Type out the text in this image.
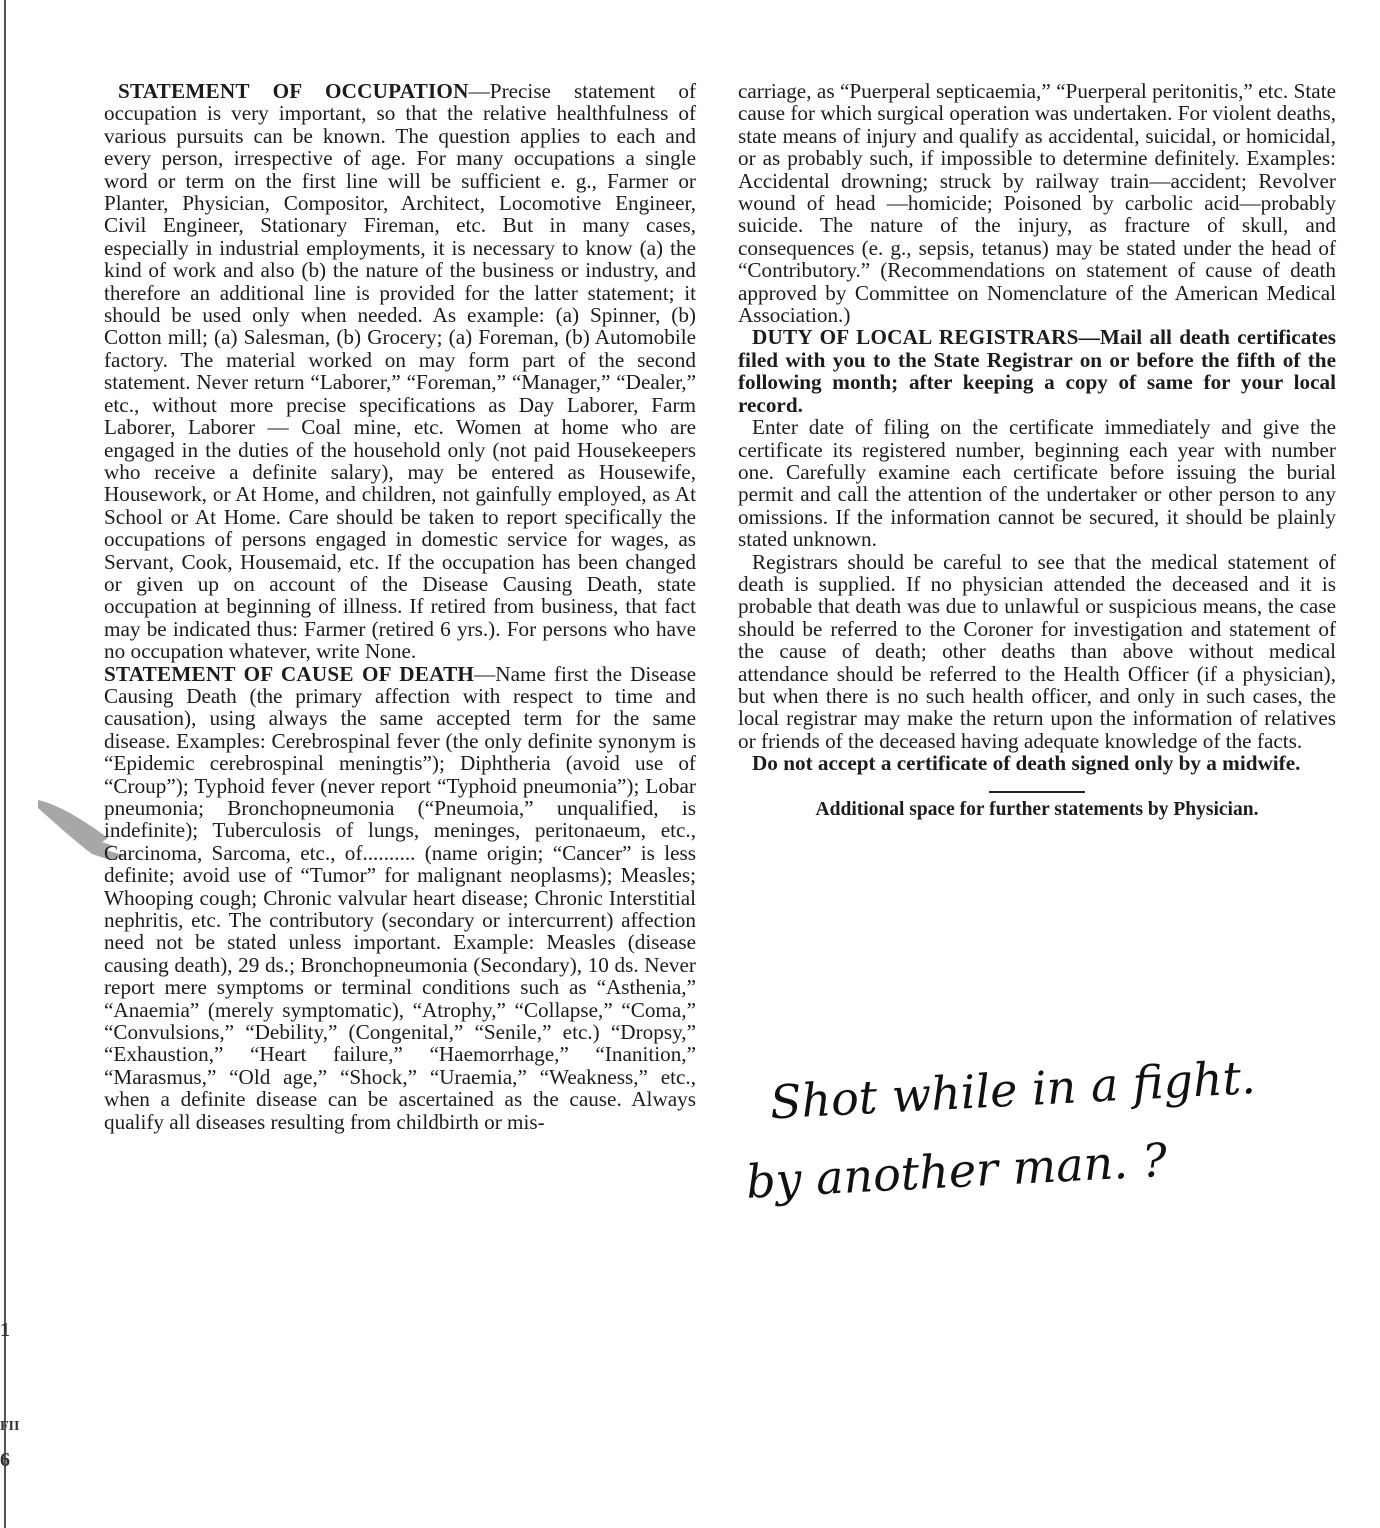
1
FII
6

STATEMENT OF OCCUPATION—Precise statement of occupation is very important, so that the relative healthfulness of various pursuits can be known. The question applies to each and every person, irrespective of age. For many occupations a single word or term on the first line will be sufficient e. g., Farmer or Planter, Physician, Compositor, Architect, Locomotive Engineer, Civil Engineer, Stationary Fireman, etc. But in many cases, especially in industrial employments, it is necessary to know (a) the kind of work and also (b) the nature of the business or industry, and therefore an additional line is provided for the latter statement; it should be used only when needed. As example: (a) Spinner, (b) Cotton mill; (a) Salesman, (b) Grocery; (a) Foreman, (b) Automobile factory. The material worked on may form part of the second statement. Never return “Laborer,” “Foreman,” “Manager,” “Dealer,” etc., without more precise specifications as Day Laborer, Farm Laborer, Laborer — Coal mine, etc. Women at home who are engaged in the duties of the household only (not paid Housekeepers who receive a definite salary), may be entered as Housewife, Housework, or At Home, and children, not gainfully employed, as At School or At Home. Care should be taken to report specifically the occupations of persons engaged in domestic service for wages, as Servant, Cook, Housemaid, etc. If the occupation has been changed or given up on account of the Disease Causing Death, state occupation at beginning of illness. If retired from business, that fact may be indicated thus: Farmer (retired 6 yrs.). For persons who have no occupation whatever, write None.

STATEMENT OF CAUSE OF DEATH—Name first the Disease Causing Death (the primary affection with respect to time and causation), using always the same accepted term for the same disease. Examples: Cerebrospinal fever (the only definite synonym is “Epidemic cerebrospinal meningtis”); Diphtheria (avoid use of “Croup”); Typhoid fever (never report “Typhoid pneumonia”); Lobar pneumonia; Bronchopneumonia (“Pneumoia,” unqualified, is indefinite); Tuberculosis of lungs, meninges, peritonaeum, etc., Carcinoma, Sarcoma, etc., of.......... (name origin; “Cancer” is less definite; avoid use of “Tumor” for malignant neoplasms); Measles; Whooping cough; Chronic valvular heart disease; Chronic Interstitial nephritis, etc. The contributory (secondary or intercurrent) affection need not be stated unless important. Example: Measles (disease causing death), 29 ds.; Bronchopneumonia (Secondary), 10 ds. Never report mere symptoms or terminal conditions such as “Asthenia,” “Anaemia” (merely symptomatic), “Atrophy,” “Collapse,” “Coma,” “Convulsions,” “Debility,” (Congenital,” “Senile,” etc.) “Dropsy,” “Exhaustion,” “Heart failure,” “Haemorrhage,” “Inanition,” “Marasmus,” “Old age,” “Shock,” “Uraemia,” “Weakness,” etc., when a definite disease can be ascertained as the cause. Always qualify all diseases resulting from childbirth or mis-

carriage, as “Puerperal septicaemia,” “Puerperal peritonitis,” etc. State cause for which surgical operation was undertaken. For violent deaths, state means of injury and qualify as accidental, suicidal, or homicidal, or as probably such, if impossible to determine definitely. Examples: Accidental drowning; struck by railway train—accident; Revolver wound of head —homicide; Poisoned by carbolic acid—probably suicide. The nature of the injury, as fracture of skull, and consequences (e. g., sepsis, tetanus) may be stated under the head of “Contributory.” (Recommendations on statement of cause of death approved by Committee on Nomenclature of the American Medical Association.)

DUTY OF LOCAL REGISTRARS—Mail all death certificates filed with you to the State Registrar on or before the fifth of the following month; after keeping a copy of same for your local record.

Enter date of filing on the certificate immediately and give the certificate its registered number, beginning each year with number one. Carefully examine each certificate before issuing the burial permit and call the attention of the undertaker or other person to any omissions. If the information cannot be secured, it should be plainly stated unknown.

Registrars should be careful to see that the medical statement of death is supplied. If no physician attended the deceased and it is probable that death was due to unlawful or suspicious means, the case should be referred to the Coroner for investigation and statement of the cause of death; other deaths than above without medical attendance should be referred to the Health Officer (if a physician), but when there is no such health officer, and only in such cases, the local registrar may make the return upon the information of relatives or friends of the deceased having adequate knowledge of the facts.

Do not accept a certificate of death signed only by a midwife.

Additional space for further statements by Physician.

Shot while in a fight.
by another man. ?
